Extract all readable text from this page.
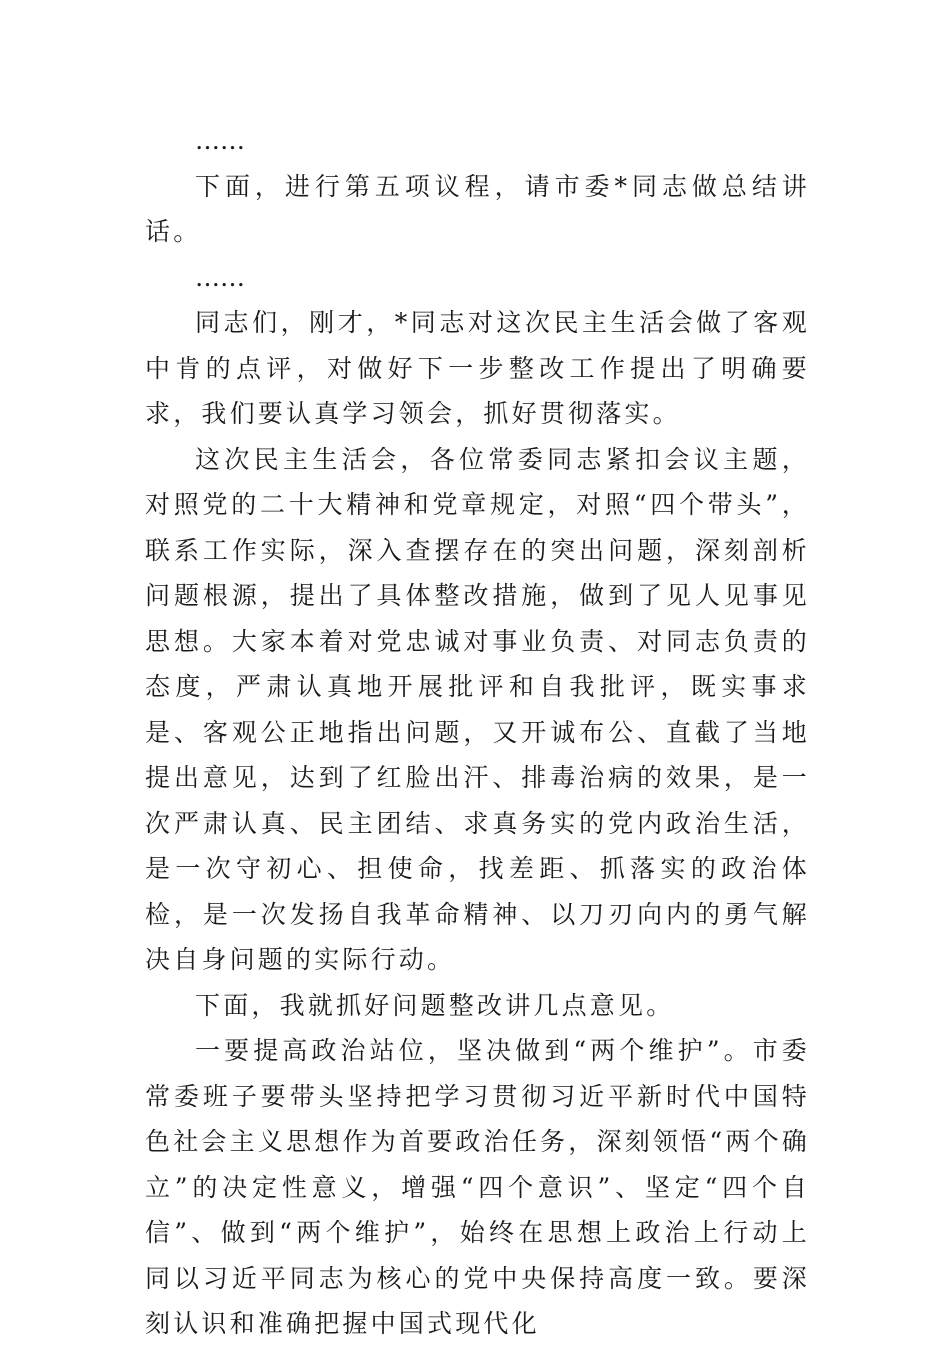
……

下面，进行第五项议程，请市委*同志做总结讲话。

……

同志们，刚才，*同志对这次民主生活会做了客观中肯的点评，对做好下一步整改工作提出了明确要求，我们要认真学习领会，抓好贯彻落实。

这次民主生活会，各位常委同志紧扣会议主题，对照党的二十大精神和党章规定，对照“四个带头”，联系工作实际，深入查摆存在的突出问题，深刻剖析问题根源，提出了具体整改措施，做到了见人见事见思想。大家本着对党忠诚对事业负责、对同志负责的态度，严肃认真地开展批评和自我批评，既实事求是、客观公正地指出问题，又开诚布公、直截了当地提出意见，达到了红脸出汗、排毒治病的效果，是一次严肃认真、民主团结、求真务实的党内政治生活，是一次守初心、担使命，找差距、抓落实的政治体检，是一次发扬自我革命精神、以刀刃向内的勇气解决自身问题的实际行动。

下面，我就抓好问题整改讲几点意见。

一要提高政治站位，坚决做到“两个维护”。市委常委班子要带头坚持把学习贯彻习近平新时代中国特色社会主义思想作为首要政治任务，深刻领悟“两个确立”的决定性意义，增强“四个意识”、坚定“四个自信”、做到“两个维护”，始终在思想上政治上行动上同以习近平同志为核心的党中央保持高度一致。要深刻认识和准确把握中国式现代化
